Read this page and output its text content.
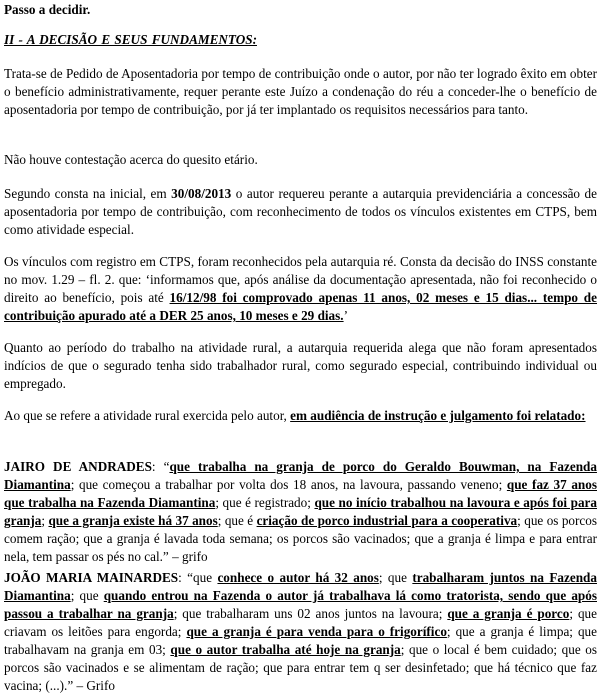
Passo a decidir.

II - A DECISÃO E SEUS FUNDAMENTOS:

Trata-se de Pedido de Aposentadoria por tempo de contribuição onde o autor, por não ter logrado êxito em obter o benefício administrativamente, requer perante este Juízo a condenação do réu a conceder-lhe o benefício de aposentadoria por tempo de contribuição, por já ter implantado os requisitos necessários para tanto.

Não houve contestação acerca do quesito etário.

Segundo consta na inicial, em 30/08/2013 o autor requereu perante a autarquia previdenciária a concessão de aposentadoria por tempo de contribuição, com reconhecimento de todos os vínculos existentes em CTPS, bem como atividade especial.

Os vínculos com registro em CTPS, foram reconhecidos pela autarquia ré. Consta da decisão do INSS constante no mov. 1.29 – fl. 2. que: ‘informamos que, após análise da documentação apresentada, não foi reconhecido o direito ao benefício, pois até 16/12/98 foi comprovado apenas 11 anos, 02 meses e 15 dias... tempo de contribuição apurado até a DER 25 anos, 10 meses e 29 dias.’

Quanto ao período do trabalho na atividade rural, a autarquia requerida alega que não foram apresentados indícios de que o segurado tenha sido trabalhador rural, como segurado especial, contribuindo individual ou empregado.

Ao que se refere a atividade rural exercida pelo autor, em audiência de instrução e julgamento foi relatado:

JAIRO DE ANDRADES: “que trabalha na granja de porco do Geraldo Bouwman, na Fazenda Diamantina; que começou a trabalhar por volta dos 18 anos, na lavoura, passando veneno; que faz 37 anos que trabalha na Fazenda Diamantina; que é registrado; que no início trabalhou na lavoura e após foi para granja; que a granja existe há 37 anos; que é criação de porco industrial para a cooperativa; que os porcos comem ração; que a granja é lavada toda semana; os porcos são vacinados; que a granja é limpa e para entrar nela, tem passar os pés no cal.” – grifo

JOÃO MARIA MAINARDES: “que conhece o autor há 32 anos; que trabalharam juntos na Fazenda Diamantina; que quando entrou na Fazenda o autor já trabalhava lá como tratorista, sendo que após passou a trabalhar na granja; que trabalharam uns 02 anos juntos na lavoura; que a granja é porco; que criavam os leitões para engorda; que a granja é para venda para o frigorífico; que a granja é limpa; que trabalhavam na granja em 03; que o autor trabalha até hoje na granja; que o local é bem cuidado; que os porcos são vacinados e se alimentam de ração; que para entrar tem q ser desinfetado; que há técnico que faz vacina; (...).” – Grifo
